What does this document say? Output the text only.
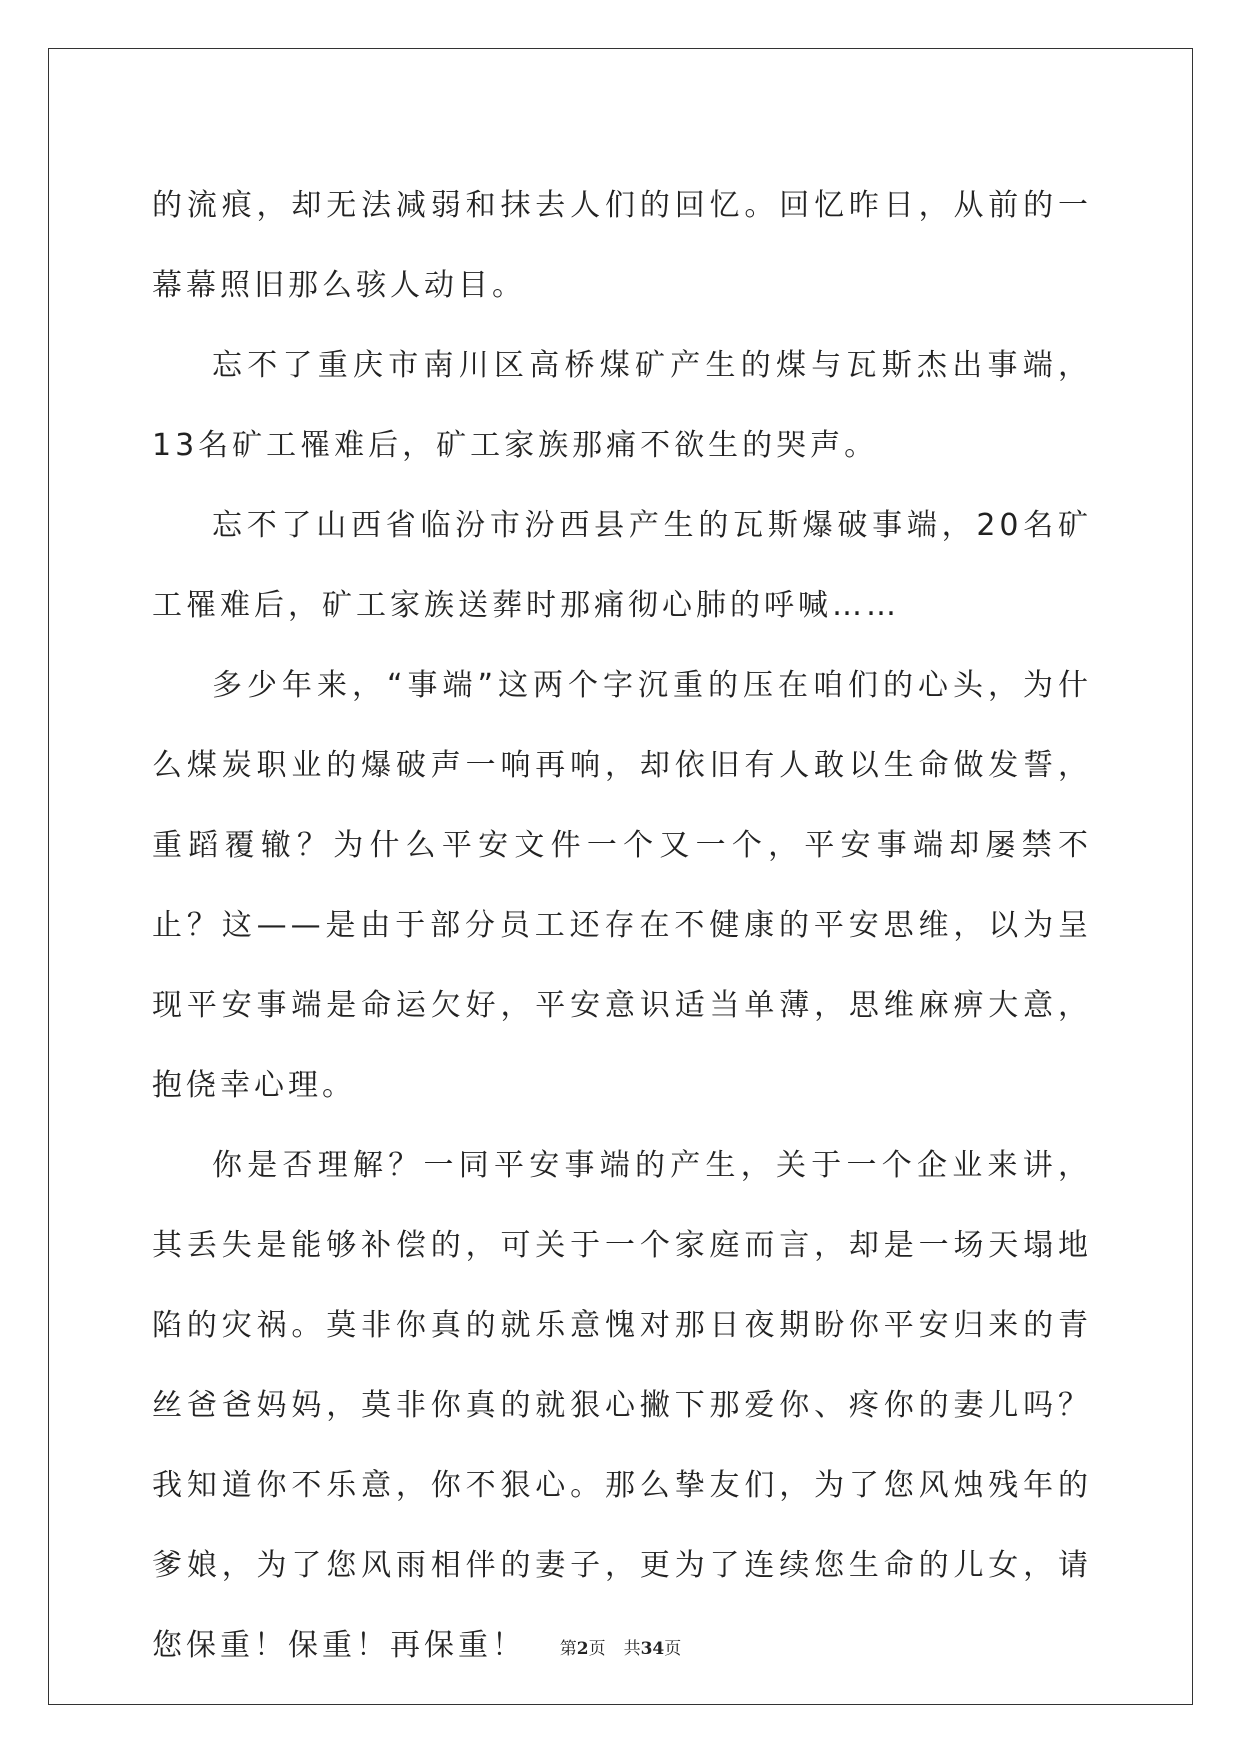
的流痕，却无法减弱和抹去人们的回忆。回忆昨日，从前的一幕幕照旧那么骇人动目。

忘不了重庆市南川区高桥煤矿产生的煤与瓦斯杰出事端，13名矿工罹难后，矿工家族那痛不欲生的哭声。

忘不了山西省临汾市汾西县产生的瓦斯爆破事端，20名矿工罹难后，矿工家族送葬时那痛彻心肺的呼喊……

多少年来，“事端”这两个字沉重的压在咱们的心头，为什么煤炭职业的爆破声一响再响，却依旧有人敢以生命做发誓，重蹈覆辙？为什么平安文件一个又一个，平安事端却屡禁不止？这——是由于部分员工还存在不健康的平安思维，以为呈现平安事端是命运欠好，平安意识适当单薄，思维麻痹大意，抱侥幸心理。

你是否理解？一同平安事端的产生，关于一个企业来讲，其丢失是能够补偿的，可关于一个家庭而言，却是一场天塌地陷的灾祸。莫非你真的就乐意愧对那日夜期盼你平安归来的青丝爸爸妈妈，莫非你真的就狠心撇下那爱你、疼你的妻儿吗？我知道你不乐意，你不狠心。那么挚友们，为了您风烛残年的爹娘，为了您风雨相伴的妻子，更为了连续您生命的儿女，请您保重！保重！再保重！	第2页 共34页
